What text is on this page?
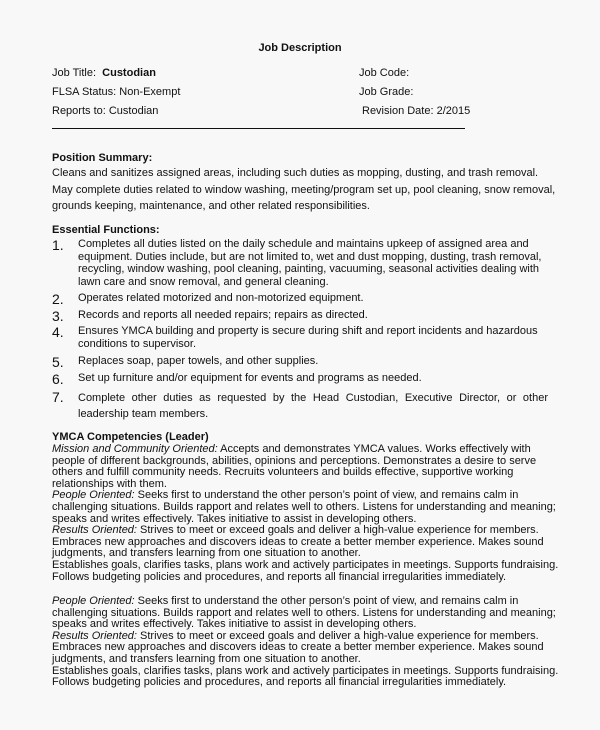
Job Description
Job Title: Custodian
FLSA Status: Non-Exempt
Reports to: Custodian
Job Code:
Job Grade:
Revision Date: 2/2015
Position Summary:
Cleans and sanitizes assigned areas, including such duties as mopping, dusting, and trash removal.
May complete duties related to window washing, meeting/program set up, pool cleaning, snow removal,
grounds keeping, maintenance, and other related responsibilities.
Essential Functions:
1. Completes all duties listed on the daily schedule and maintains upkeep of assigned area and
equipment. Duties include, but are not limited to, wet and dust mopping, dusting, trash removal,
recycling, window washing, pool cleaning, painting, vacuuming, seasonal activities dealing with
lawn care and snow removal, and general cleaning.
2. Operates related motorized and non-motorized equipment.
3. Records and reports all needed repairs; repairs as directed.
4. Ensures YMCA building and property is secure during shift and report incidents and hazardous
conditions to supervisor.
5. Replaces soap, paper towels, and other supplies.
6. Set up furniture and/or equipment for events and programs as needed.
7. Complete other duties as requested by the Head Custodian, Executive Director, or other
leadership team members.
YMCA Competencies (Leader)
Mission and Community Oriented: Accepts and demonstrates YMCA values. Works effectively with
people of different backgrounds, abilities, opinions and perceptions. Demonstrates a desire to serve
others and fulfill community needs. Recruits volunteers and builds effective, supportive working
relationships with them.
People Oriented: Seeks first to understand the other person’s point of view, and remains calm in
challenging situations. Builds rapport and relates well to others. Listens for understanding and meaning;
speaks and writes effectively. Takes initiative to assist in developing others.
Results Oriented: Strives to meet or exceed goals and deliver a high-value experience for members.
Embraces new approaches and discovers ideas to create a better member experience. Makes sound
judgments, and transfers learning from one situation to another.
Establishes goals, clarifies tasks, plans work and actively participates in meetings. Supports fundraising.
Follows budgeting policies and procedures, and reports all financial irregularities immediately.
People Oriented: Seeks first to understand the other person’s point of view, and remains calm in
challenging situations. Builds rapport and relates well to others. Listens for understanding and meaning;
speaks and writes effectively. Takes initiative to assist in developing others.
Results Oriented: Strives to meet or exceed goals and deliver a high-value experience for members.
Embraces new approaches and discovers ideas to create a better member experience. Makes sound
judgments, and transfers learning from one situation to another.
Establishes goals, clarifies tasks, plans work and actively participates in meetings. Supports fundraising.
Follows budgeting policies and procedures, and reports all financial irregularities immediately.
